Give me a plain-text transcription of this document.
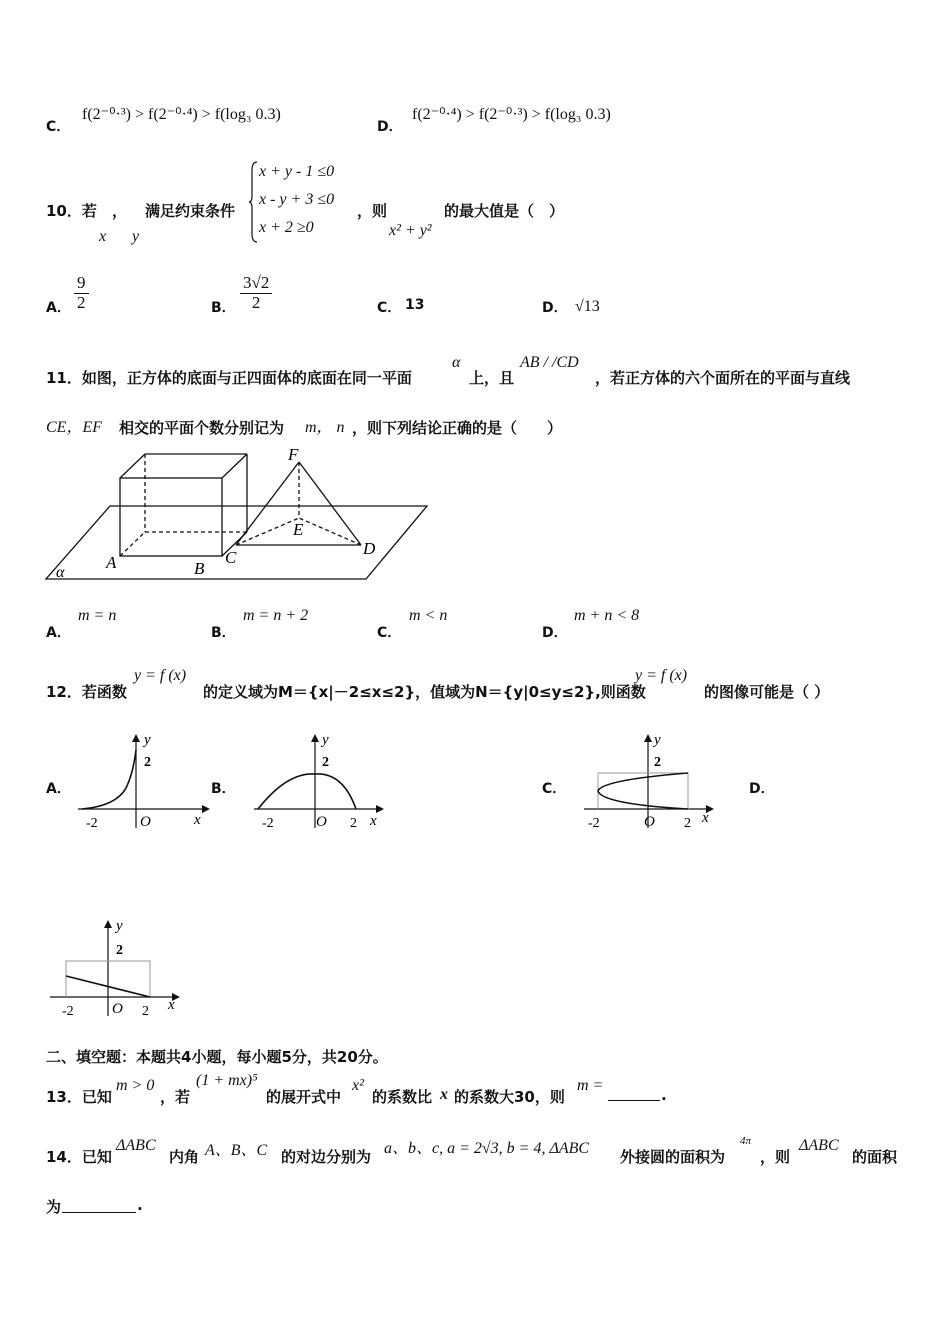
C．
f(2⁻⁰·³) > f(2⁻⁰·⁴) > f(log₃ 0.3)
D．
f(2⁻⁰·⁴) > f(2⁻⁰·³) > f(log₃ 0.3)
10．若
x
，
y
满足约束条件
x + y - 1 ≤0
x - y + 3 ≤0
x + 2 ≥0
，则
x² + y²
的最大值是（　）
A． $\frac{9}{2}$	B． $\frac{3√2}{2}$	C． 13	D． √13
11．如图，正方体的底面与正四面体的底面在同一平面
α
上，且
AB / /CD
，若正方体的六个面所在的平面与直线
CE，EF 相交的平面个数分别记为 m， n ，则下列结论正确的是（　　）
F
E
A	B
C	D
α
A．
m = n
B．
m = n + 2
C．
m < n
D．
m + n < 8
12．若函数
y = f (x)
的定义域为M＝{x|－2≤x≤2}，值域为N＝{y|0≤y≤2},则函数
y = f (x)
的图像可能是（ ）
A．	B．	C．	D．
y
2
-2	O	x
y
2
-2	O 2 x
y
2
-2	O 2 x
y
2
-2	O 2 x
二、填空题：本题共4小题，每小题5分，共20分。
13．已知
m > 0
，若
(1 + mx)⁵
的展开式中
x²
的系数比 x 的系数大30，则
m =
.
14．已知
ΔABC
内角 A、B、C 的对边分别为 a、b、c, a = 2√3, b = 4, ΔABC 外接圆的面积为
4π
，则
ΔABC
的面积
为	.
